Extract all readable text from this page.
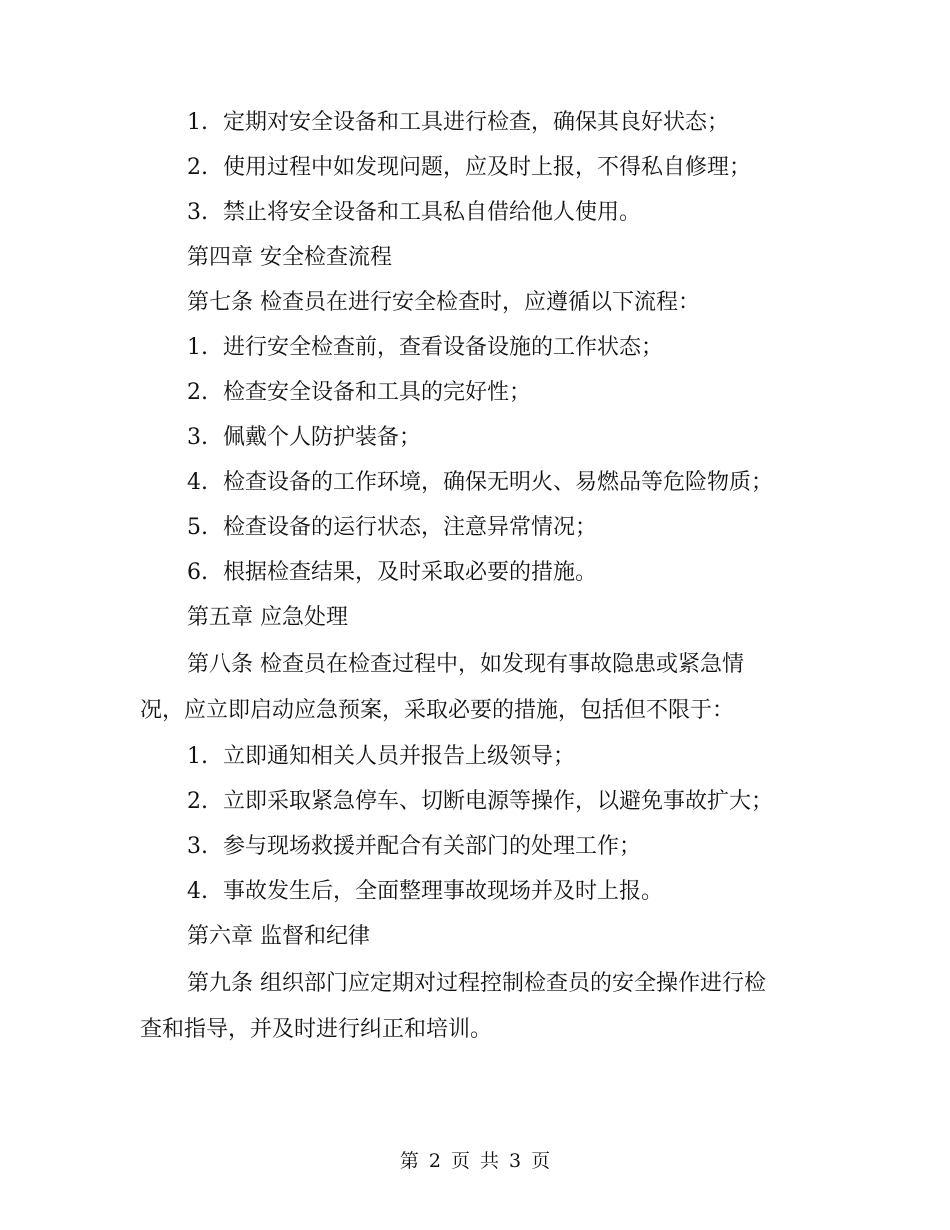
1. 定期对安全设备和工具进行检查，确保其良好状态；
2. 使用过程中如发现问题，应及时上报，不得私自修理；
3. 禁止将安全设备和工具私自借给他人使用。
第四章 安全检查流程
第七条 检查员在进行安全检查时，应遵循以下流程：
1. 进行安全检查前，查看设备设施的工作状态；
2. 检查安全设备和工具的完好性；
3. 佩戴个人防护装备；
4. 检查设备的工作环境，确保无明火、易燃品等危险物质；
5. 检查设备的运行状态，注意异常情况；
6. 根据检查结果，及时采取必要的措施。
第五章 应急处理
第八条 检查员在检查过程中，如发现有事故隐患或紧急情
况，应立即启动应急预案，采取必要的措施，包括但不限于：
1. 立即通知相关人员并报告上级领导；
2. 立即采取紧急停车、切断电源等操作，以避免事故扩大；
3. 参与现场救援并配合有关部门的处理工作；
4. 事故发生后，全面整理事故现场并及时上报。
第六章 监督和纪律
第九条 组织部门应定期对过程控制检查员的安全操作进行检
查和指导，并及时进行纠正和培训。
第 2 页 共 3 页
